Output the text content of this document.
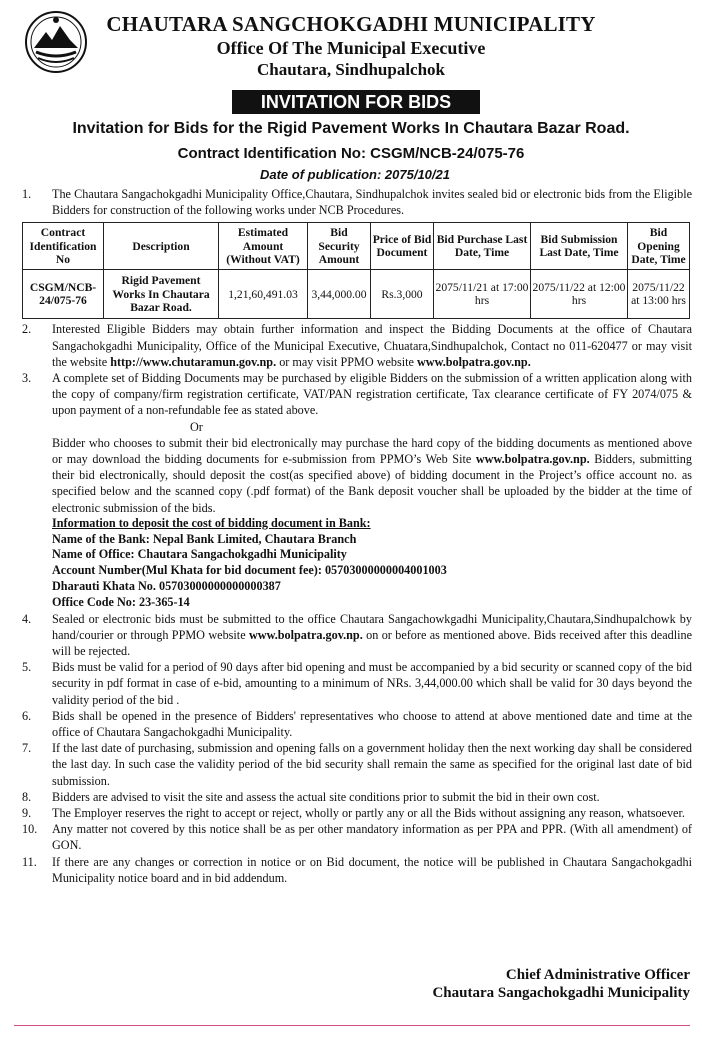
CHAUTARA SANGCHOKGADHI MUNICIPALITY
Office Of The Municipal Executive
Chautara, Sindhupalchok
INVITATION FOR BIDS
Invitation for Bids for the Rigid Pavement Works In Chautara Bazar Road.
Contract Identification No: CSGM/NCB-24/075-76
Date of publication: 2075/10/21
1. The Chautara Sangachokgadhi Municipality Office,Chautara, Sindhupalchok invites sealed bid or electronic bids from the Eligible Bidders for construction of the following works under NCB Procedures.
Contract Identification No	Description	Estimated Amount (Without VAT)	Bid Security Amount	Price of Bid Document	Bid Purchase Last Date, Time	Bid Submission Last Date, Time	Bid Opening Date, Time
CSGM/NCB-24/075-76	Rigid Pavement Works In Chautara Bazar Road.	1,21,60,491.03	3,44,000.00	Rs.3,000	2075/11/21 at 17:00 hrs	2075/11/22 at 12:00 hrs	2075/11/22 at 13:00 hrs
2. Interested Eligible Bidders may obtain further information and inspect the Bidding Documents at the office of Chautara Sangachokgadhi Municipality, Office of the Municipal Executive, Chuatara,Sindhupalchok, Contact no 011-620477 or may visit the website http://www.chutaramun.gov.np. or may visit PPMO website www.bolpatra.gov.np.
3. A complete set of Bidding Documents may be purchased by eligible Bidders on the submission of a written application along with the copy of company/firm registration certificate, VAT/PAN registration certificate, Tax clearance certificate of FY 2074/075 & upon payment of a non-refundable fee as stated above.
Or
Bidder who chooses to submit their bid electronically may purchase the hard copy of the bidding documents as mentioned above or may download the bidding documents for e-submission from PPMO’s Web Site www.bolpatra.gov.np. Bidders, submitting their bid electronically, should deposit the cost(as specified above) of bidding document in the Project’s office account no. as specified below and the scanned copy (.pdf format) of the Bank deposit voucher shall be uploaded by the bidder at the time of electronic submission of the bids.
Information to deposit the cost of bidding document in Bank:
Name of the Bank: Nepal Bank Limited, Chautara Branch
Name of Office: Chautara Sangachokgadhi Municipality
Account Number(Mul Khata for bid document fee): 05703000000004001003
Dharauti Khata No. 05703000000000000387
Office Code No: 23-365-14
4. Sealed or electronic bids must be submitted to the office Chautara Sangachowkgadhi Municipality,Chautara,Sindhupalchowk by hand/courier or through PPMO website www.bolpatra.gov.np. on or before as mentioned above. Bids received after this deadline will be rejected.
5. Bids must be valid for a period of 90 days after bid opening and must be accompanied by a bid security or scanned copy of the bid security in pdf format in case of e-bid, amounting to a minimum of NRs. 3,44,000.00 which shall be valid for 30 days beyond the validity period of the bid .
6. Bids shall be opened in the presence of Bidders' representatives who choose to attend at above mentioned date and time at the office of Chautara Sangachokgadhi Municipality.
7. If the last date of purchasing, submission and opening falls on a government holiday then the next working day shall be considered the last day. In such case the validity period of the bid security shall remain the same as specified for the original last date of bid submission.
8. Bidders are advised to visit the site and assess the actual site conditions prior to submit the bid in their own cost.
9. The Employer reserves the right to accept or reject, wholly or partly any or all the Bids without assigning any reason, whatsoever.
10. Any matter not covered by this notice shall be as per other mandatory information as per PPA and PPR. (With all amendment) of GON.
11. If there are any changes or correction in notice or on Bid document, the notice will be published in Chautara Sangachokgadhi Municipality notice board and in bid addendum.
Chief Administrative Officer
Chautara Sangachokgadhi Municipality
